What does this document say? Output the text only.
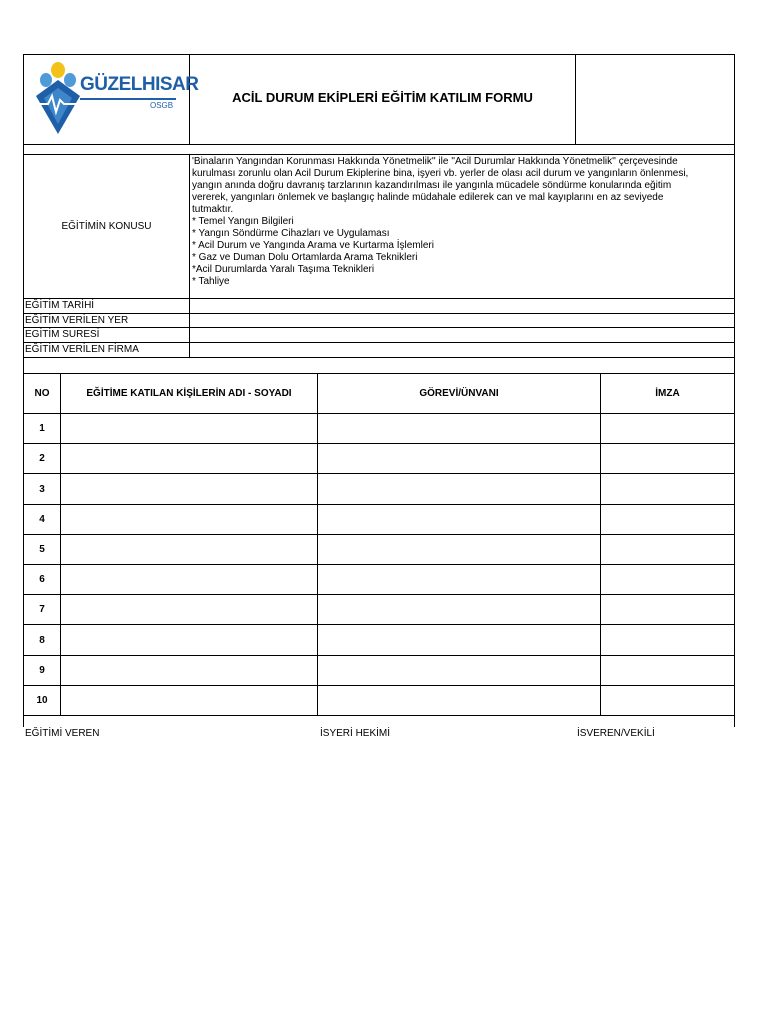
GÜZELHISAR
OSGB
ACİL DURUM EKİPLERİ EĞİTİM KATILIM FORMU
EĞİTİMİN KONUSU
'Binaların Yangından Korunması Hakkında Yönetmelik'' ile ''Acil Durumlar Hakkında Yönetmelik'' çerçevesinde
kurulması zorunlu olan Acil Durum Ekiplerine bina, işyeri vb. yerler de olası acil durum ve yangınların önlenmesi,
yangın anında doğru davranış tarzlarının kazandırılması ile yangınla mücadele söndürme konularında eğitim
vererek, yangınları önlemek ve başlangıç halinde müdahale edilerek can ve mal kayıplarını en az seviyede
tutmaktır.
* Temel Yangın Bilgileri
* Yangın Söndürme Cihazları ve Uygulaması
* Acil Durum ve Yangında Arama ve Kurtarma İşlemleri
* Gaz ve Duman Dolu Ortamlarda Arama Teknikleri
*Acil Durumlarda Yaralı Taşıma Teknikleri
* Tahliye
EĞİTİM TARİHİ
EĞİTİM VERİLEN YER
EGİTİM SURESİ
EĞİTİM VERİLEN FİRMA
NO	EĞİTİME KATILAN KİŞİLERİN ADI - SOYADI	GÖREVİ/ÜNVANI	İMZA
1
2
3
4
5
6
7
8
9
10
EĞİTİMİ VEREN	İSYERİ HEKİMİ	İSVEREN/VEKİLİ
